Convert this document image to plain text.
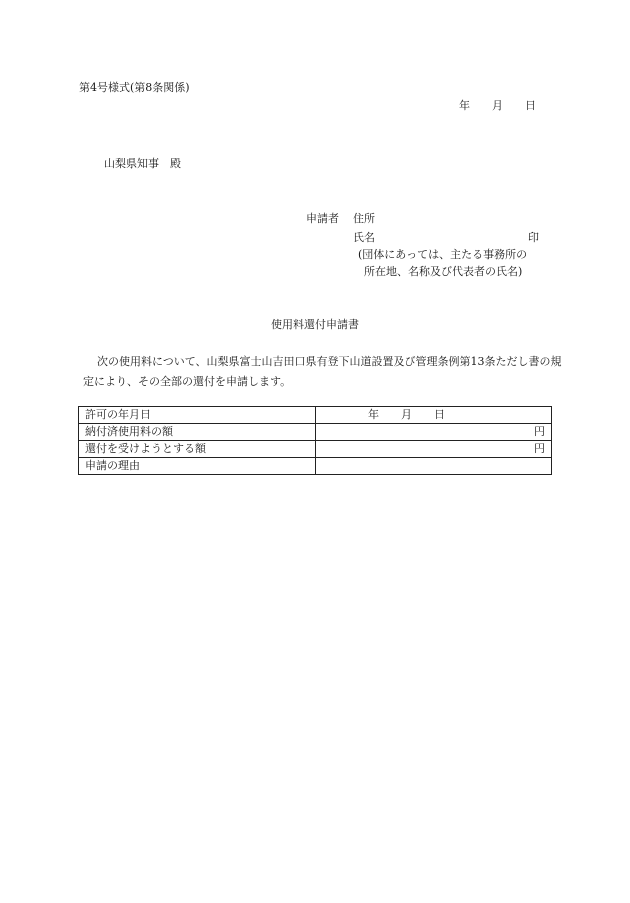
第4号様式(第8条関係)
年 月 日
山梨県知事　殿
申請者 住所
氏名	印
(団体にあっては、主たる事務所の
所在地、名称及び代表者の氏名)
使用料還付申請書
次の使用料について、山梨県富士山吉田口県有登下山道設置及び管理条例第13条ただし書の規定により、その全部の還付を申請します。
許可の年月日	年 月 日
納付済使用料の額	円
還付を受けようとする額	円
申請の理由	
